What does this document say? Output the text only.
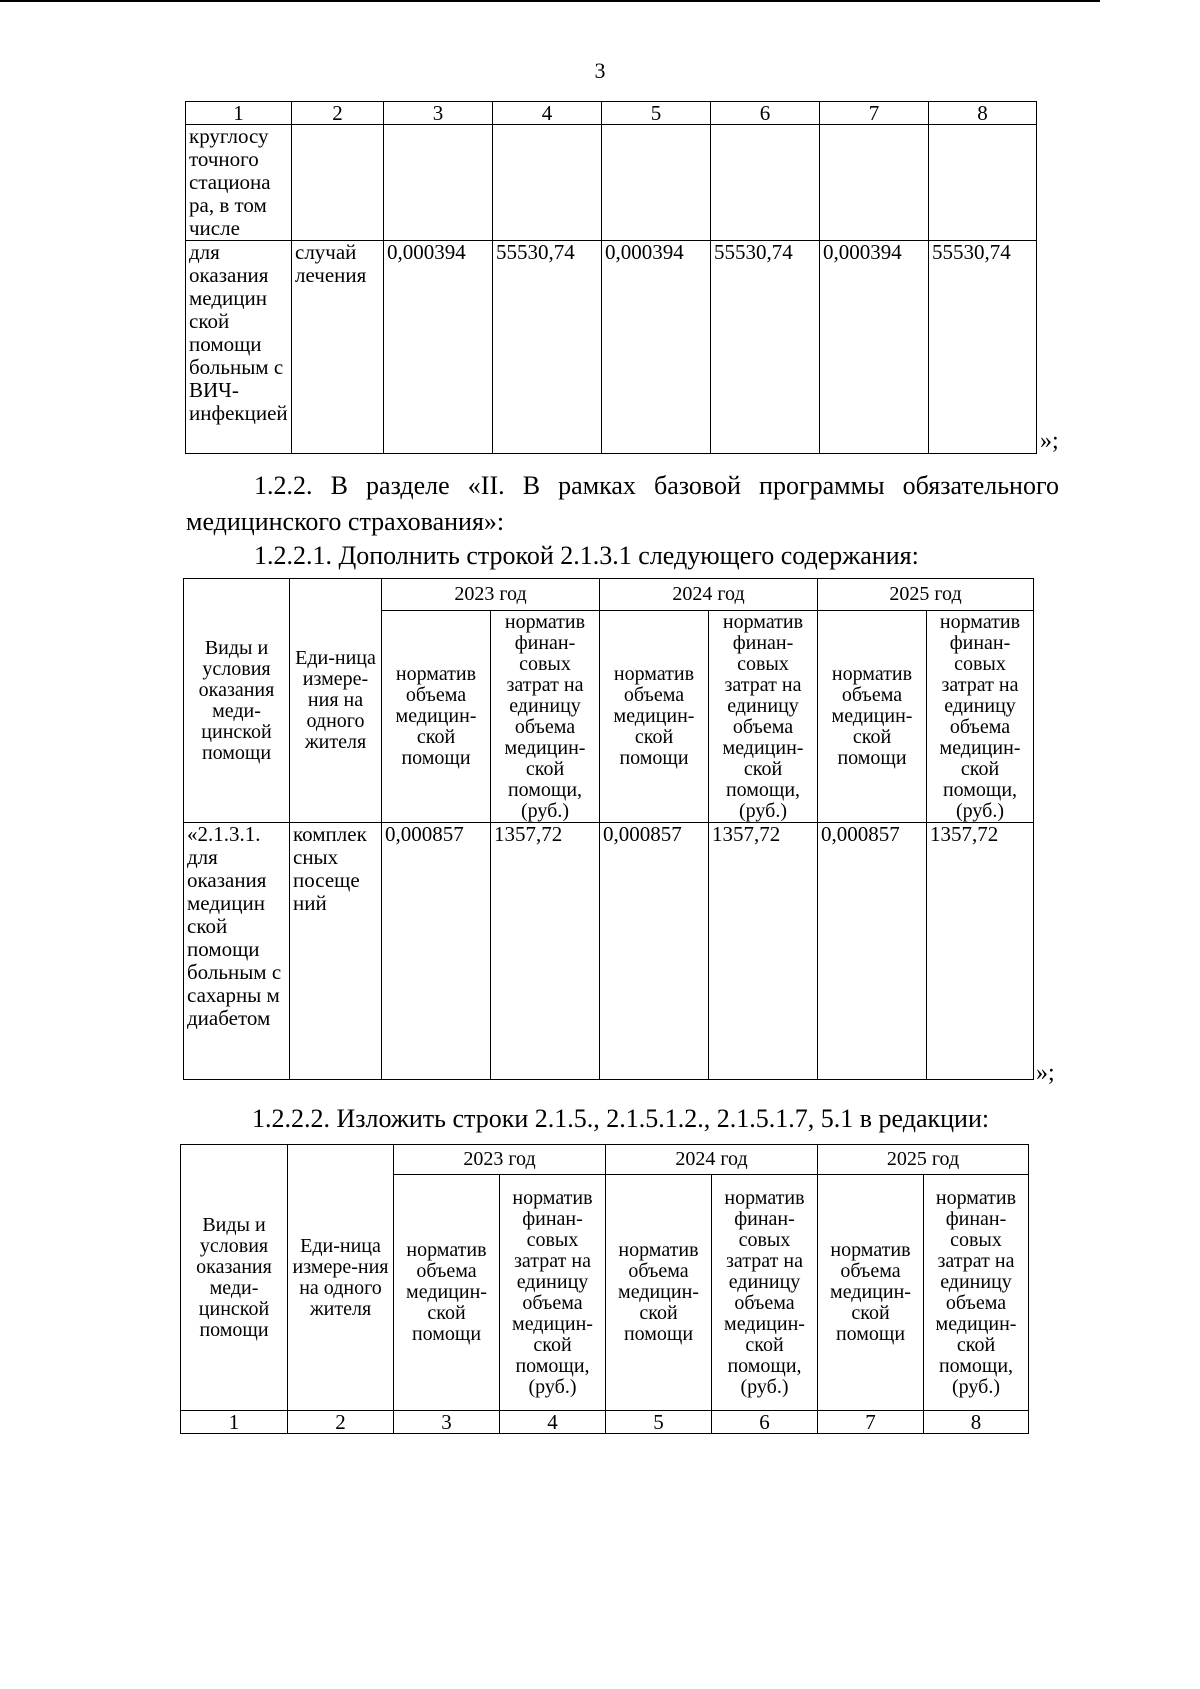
3
1	2	3	4	5	6	7	8
круглосу точного стациона ра, в том числе							
для оказания медицин ской помощи больным с ВИЧ-инфекцией	случай лечения	0,000394	55530,74	0,000394	55530,74	0,000394	55530,74
»;
1.2.2. В разделе «II. В рамках базовой программы обязательного медицинского страхования»:
1.2.2.1. Дополнить строкой 2.1.3.1 следующего содержания:
Виды и условия оказания меди-цинской помощи	Еди-ница измере-ния на одного жителя	2023 год		2024 год		2025 год	
		норматив объема медицин-ской помощи	норматив финан-совых затрат на единицу объема медицин-ской помощи, (руб.)	норматив объема медицин-ской помощи	норматив финан-совых затрат на единицу объема медицин-ской помощи, (руб.)	норматив объема медицин-ской помощи	норматив финан-совых затрат на единицу объема медицин-ской помощи, (руб.)
«2.1.3.1. для оказания медицин ской помощи больным с сахарны м диабетом	комплек сных посеще ний	0,000857	1357,72	0,000857	1357,72	0,000857	1357,72
»;
1.2.2.2. Изложить строки 2.1.5., 2.1.5.1.2., 2.1.5.1.7, 5.1 в редакции:
Виды и условия оказания меди-цинской помощи	Еди-ница измере-ния на одного жителя	2023 год		2024 год		2025 год	
		норматив объема медицин-ской помощи	норматив финан-совых затрат на единицу объема медицин-ской помощи, (руб.)	норматив объема медицин-ской помощи	норматив финан-совых затрат на единицу объема медицин-ской помощи, (руб.)	норматив объема медицин-ской помощи	норматив финан-совых затрат на единицу объема медицин-ской помощи, (руб.)
1	2	3	4	5	6	7	8
